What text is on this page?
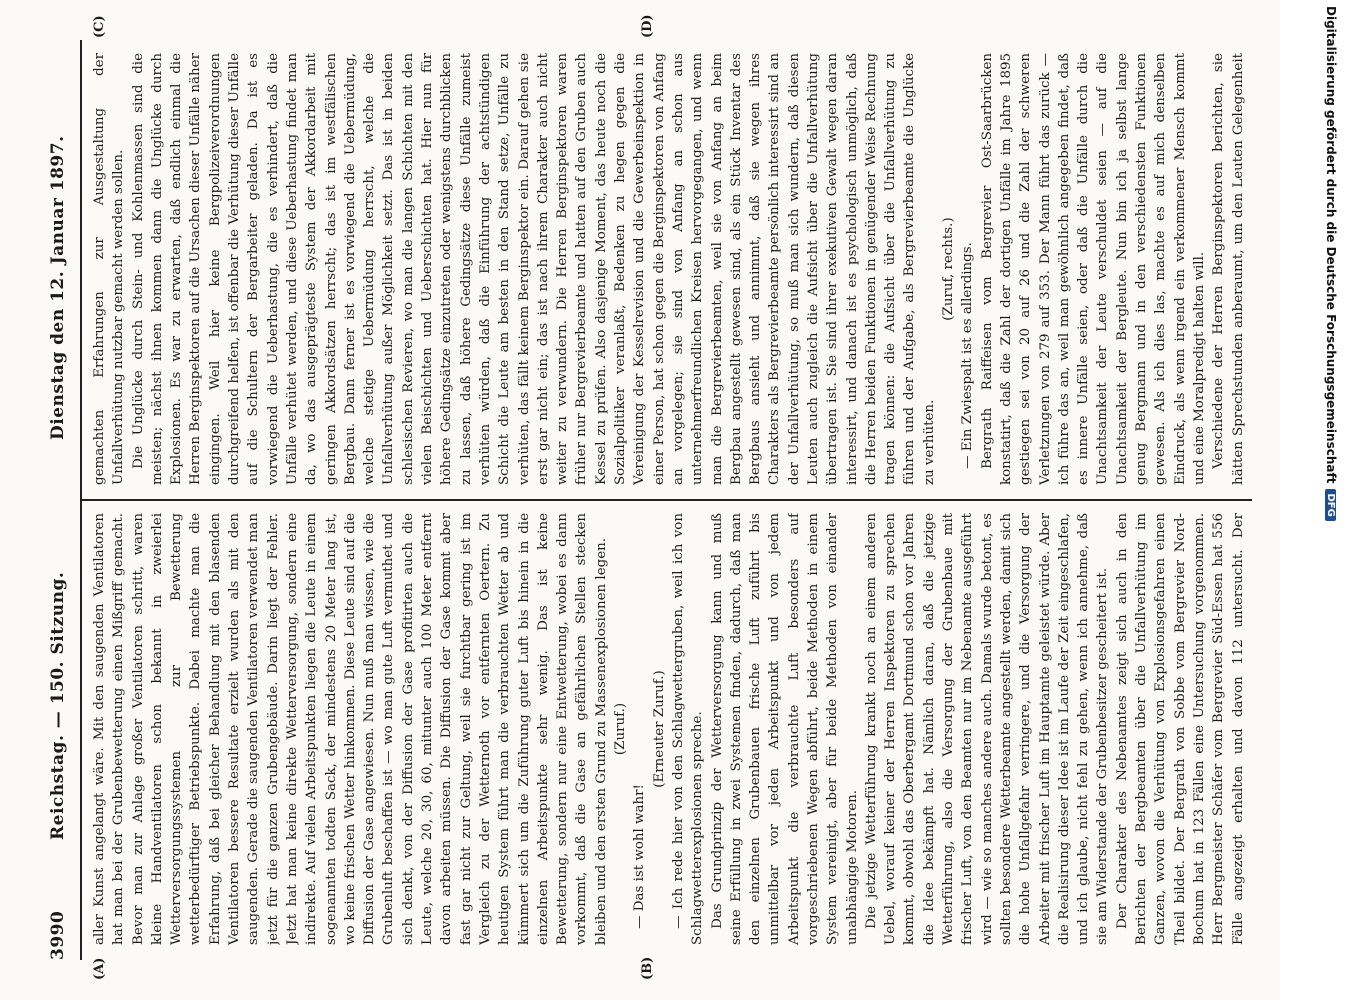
3990
Reichstag. — 150. Sitzung.
Dienstag den 12. Januar 1897.
(A)	(B)
(C)	(D)

aller Kunst angelangt wäre. Mit den saugenden Ventilatoren hat man bei der Grubenbewetterung einen Mißgriff gemacht. Bevor man zur Anlage großer Ventilatoren schritt, waren kleine Handventilatoren schon bekannt in zweierlei Wetterversorgungssystemen zur Bewetterung wetterbedürftiger Betriebspunkte. Dabei machte man die Erfahrung, daß bei gleicher Behandlung mit den blasenden Ventilatoren bessere Resultate erzielt wurden als mit den saugenden. Gerade die saugenden Ventilatoren verwendet man jetzt für die ganzen Grubengebäude. Darin liegt der Fehler. Jetzt hat man keine direkte Wetterversorgung, sondern eine indirekte. Auf vielen Arbeitspunkten liegen die Leute in einem sogenannten todten Sack, der mindestens 20 Meter lang ist, wo keine frischen Wetter hinkommen. Diese Leute sind auf die Diffusion der Gase angewiesen. Nun muß man wissen, wie die Grubenluft beschaffen ist — wo man gute Luft vermuthet und sich denkt, von der Diffusion der Gase profitirten auch die Leute, welche 20, 30, 60, mitunter auch 100 Meter entfernt davon arbeiten müssen. Die Diffusion der Gase kommt aber fast gar nicht zur Geltung, weil sie furchtbar gering ist im Vergleich zu der Wetternoth vor entfernten Oertern. Zu heutigen System führt man die verbrauchten Wetter ab und kümmert sich um die Zuführung guter Luft bis hinein in die einzelnen Arbeitspunkte sehr wenig. Das ist keine Bewetterung, sondern nur eine Entwetterung, wobei es dann vorkommt, daß die Gase an gefährlichen Stellen stecken bleiben und den ersten Grund zu Massenexplosionen legen. (Zuruf.)

— Das ist wohl wahr!

(Erneuter Zuruf.) — Ich rede hier von den Schlagwettergruben, weil ich von Schlagwetterexplosionen spreche. Das Grundprinzip der Wetterversorgung kann und muß seine Erfüllung in zwei Systemen finden, dadurch, daß man den einzelnen Grubenbauen frische Luft zuführt bis unmittelbar vor jeden Arbeitspunkt und von jedem Arbeitspunkt die verbrauchte Luft besonders auf vorgeschriebenen Wegen abführt, beide Methoden in einem System vereinigt, aber für beide Methoden von einander unabhängige Motoren. Die jetzige Wetterführung krankt noch an einem anderen Uebel, worauf keiner der Herren Inspektoren zu sprechen kommt, obwohl das Oberbergamt Dortmund schon vor Jahren die Idee bekämpft hat. Nämlich daran, daß die jetzige Wetterführung, also die Versorgung der Grubenbaue mit frischer Luft, von den Beamten nur im Nebenamte ausgeführt wird — wie so manches andere auch. Damals wurde betont, es sollten besondere Wetterbeamte angestellt werden, damit sich die hohe Unfallgefahr verringere, und die Versorgung der Arbeiter mit frischer Luft im Hauptamte geleistet würde. Aber die Realisirung dieser Idee ist im Laufe der Zeit eingeschlafen, und ich glaube, nicht fehl zu gehen, wenn ich annehme, daß sie am Widerstande der Grubenbesitzer gescheitert ist. Der Charakter des Nebenamtes zeigt sich auch in den Berichten der Bergbeamten über die Unfallverhütung im Ganzen, wovon die Verhütung von Explosionsgefahren einen Theil bildet. Der Bergrath von Sobbe vom Bergrevier Nord-Bochum hat in 123 Fällen eine Untersuchung vorgenommen. Herr Bergmeister Schäfer vom Bergrevier Süd-Essen hat 556 Fälle angezeigt erhalten und davon 112 untersucht. Der

gemachten Erfahrungen zur Ausgestaltung der Unfallverhütung nutzbar gemacht werden sollen. Die Unglücke durch Stein- und Kohlenmassen sind die meisten; nächst ihnen kommen dann die Unglücke durch Explosionen. Es war zu erwarten, daß endlich einmal die Herren Berginspektoren auf die Ursachen dieser Unfälle näher eingingen. Weil hier keine Bergpolizeiverordnungen durchgreifend helfen, ist offenbar die Verhütung dieser Unfälle auf die Schultern der Bergarbeiter geladen. Da ist es vorwiegend die Ueberhastung, die es verhindert, daß die Unfälle verhütet werden, und diese Ueberhastung findet man da, wo das ausgeprägteste System der Akkordarbeit mit geringen Akkordsätzen herrscht; das ist im westfälischen Bergbau. Dann ferner ist es vorwiegend die Uebermüdung, welche stetige Uebermüdung herrscht, welche die Unfallverhütung außer Möglichkeit setzt. Das ist in beiden schlesischen Revieren, wo man die langen Schichten mit den vielen Beischichten und Ueberschichten hat. Hier nun für höhere Gedingsätze einzutreten oder wenigstens durchblicken zu lassen, daß höhere Gedingsätze diese Unfälle zumeist verhüten würden, daß die Einführung der achtstündigen Schicht die Leute am besten in den Stand setze, Unfälle zu verhüten, das fällt keinem Berginspektor ein. Darauf gehen sie erst gar nicht ein; das ist nach ihrem Charakter auch nicht weiter zu verwundern. Die Herren Berginspektoren waren früher nur Bergrevierbeamte und hatten auf den Gruben auch Kessel zu prüfen. Also dasjenige Moment, das heute noch die Sozialpolitiker veranlaßt, Bedenken zu hegen gegen die Vereinigung der Kesselrevision und die Gewerbeinspektion in einer Person, hat schon gegen die Berginspektoren von Anfang an vorgelegen; sie sind von Anfang an schon aus unternehmerfreundlichen Kreisen hervorgegangen, und wenn man die Bergrevierbeamten, weil sie von Anfang an beim Bergbau angestellt gewesen sind, als ein Stück Inventar des Bergbaus ansieht und annimmt, daß sie wegen ihres Charakters als Bergrevierbeamte persönlich interessirt sind an der Unfallverhütung, so muß man sich wundern, daß diesen Leuten auch zugleich die Aufsicht über die Unfallverhütung übertragen ist. Sie sind ihrer exekutiven Gewalt wegen daran interessirt, und danach ist es psychologisch unmöglich, daß die Herren beiden Funktionen in genügender Weise Rechnung tragen können: die Aufsicht über die Unfallverhütung zu führen und der Aufgabe, als Bergrevierbeamte die Unglücke zu verhüten.

(Zuruf, rechts.) — Ein Zwiespalt ist es allerdings. Bergrath Raiffeisen vom Bergrevier Ost-Saarbrücken konstatirt, daß die Zahl der dortigen Unfälle im Jahre 1895 gestiegen sei von 20 auf 26 und die Zahl der schweren Verletzungen von 279 auf 353. Der Mann führt das zurück — ich führe das an, weil man gewöhnlich angegeben findet, daß es innere Unfälle seien, oder daß die Unfälle durch die Unachtsamkeit der Leute verschuldet seien — auf die Unachtsamkeit der Bergleute. Nun bin ich ja selbst lange genug Bergmann und in den verschiedensten Funktionen gewesen. Als ich dies las, machte es auf mich denselben Eindruck, als wenn irgend ein verkommener Mensch kommt und eine Moralpredigt halten will. Verschiedene der Herren Berginspektoren berichten, sie hätten Sprechstunden anberaumt, um den Leuten Gelegenheit	Digitalisierung gefördert durch die Deutsche Forschungsgemeinschaft
DFG
